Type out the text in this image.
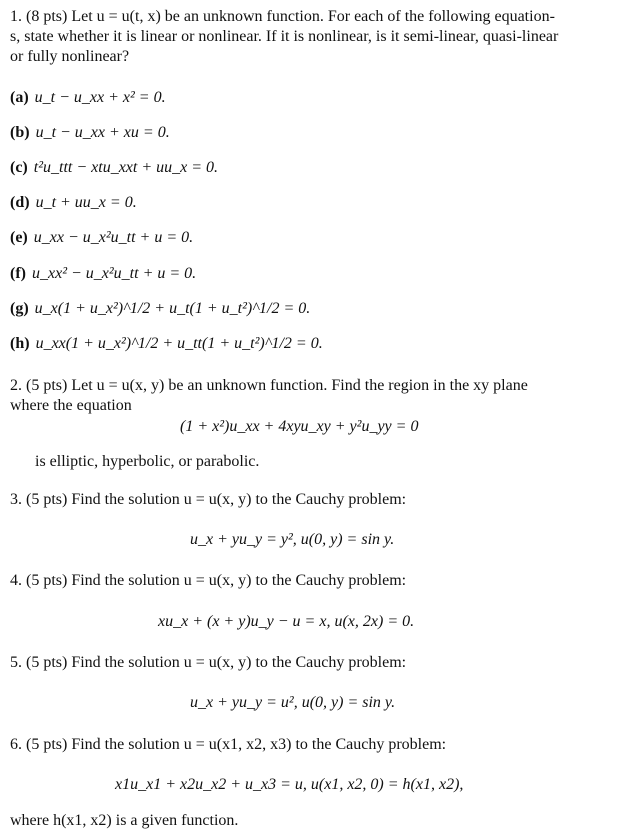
1. (8 pts) Let u = u(t, x) be an unknown function. For each of the following equation-
s, state whether it is linear or nonlinear. If it is nonlinear, is it semi-linear, quasi-linear
or fully nonlinear?
(a) u_t − u_xx + x² = 0.
(b) u_t − u_xx + xu = 0.
(c) t²u_ttt − xtu_xxt + uu_x = 0.
(d) u_t + uu_x = 0.
(e) u_xx − u_x²u_tt + u = 0.
(f) u_xx² − u_x²u_tt + u = 0.
(g) u_x(1 + u_x²)^1/2 + u_t(1 + u_t²)^1/2 = 0.
(h) u_xx(1 + u_x²)^1/2 + u_tt(1 + u_t²)^1/2 = 0.
2. (5 pts) Let u = u(x, y) be an unknown function. Find the region in the xy plane
where the equation
(1 + x²)u_xx + 4xyu_xy + y²u_yy = 0
is elliptic, hyperbolic, or parabolic.
3. (5 pts) Find the solution u = u(x, y) to the Cauchy problem:
u_x + yu_y = y², u(0, y) = sin y.
4. (5 pts) Find the solution u = u(x, y) to the Cauchy problem:
xu_x + (x + y)u_y − u = x, u(x, 2x) = 0.
5. (5 pts) Find the solution u = u(x, y) to the Cauchy problem:
u_x + yu_y = u², u(0, y) = sin y.
6. (5 pts) Find the solution u = u(x1, x2, x3) to the Cauchy problem:
x1u_x1 + x2u_x2 + u_x3 = u, u(x1, x2, 0) = h(x1, x2),
where h(x1, x2) is a given function.
